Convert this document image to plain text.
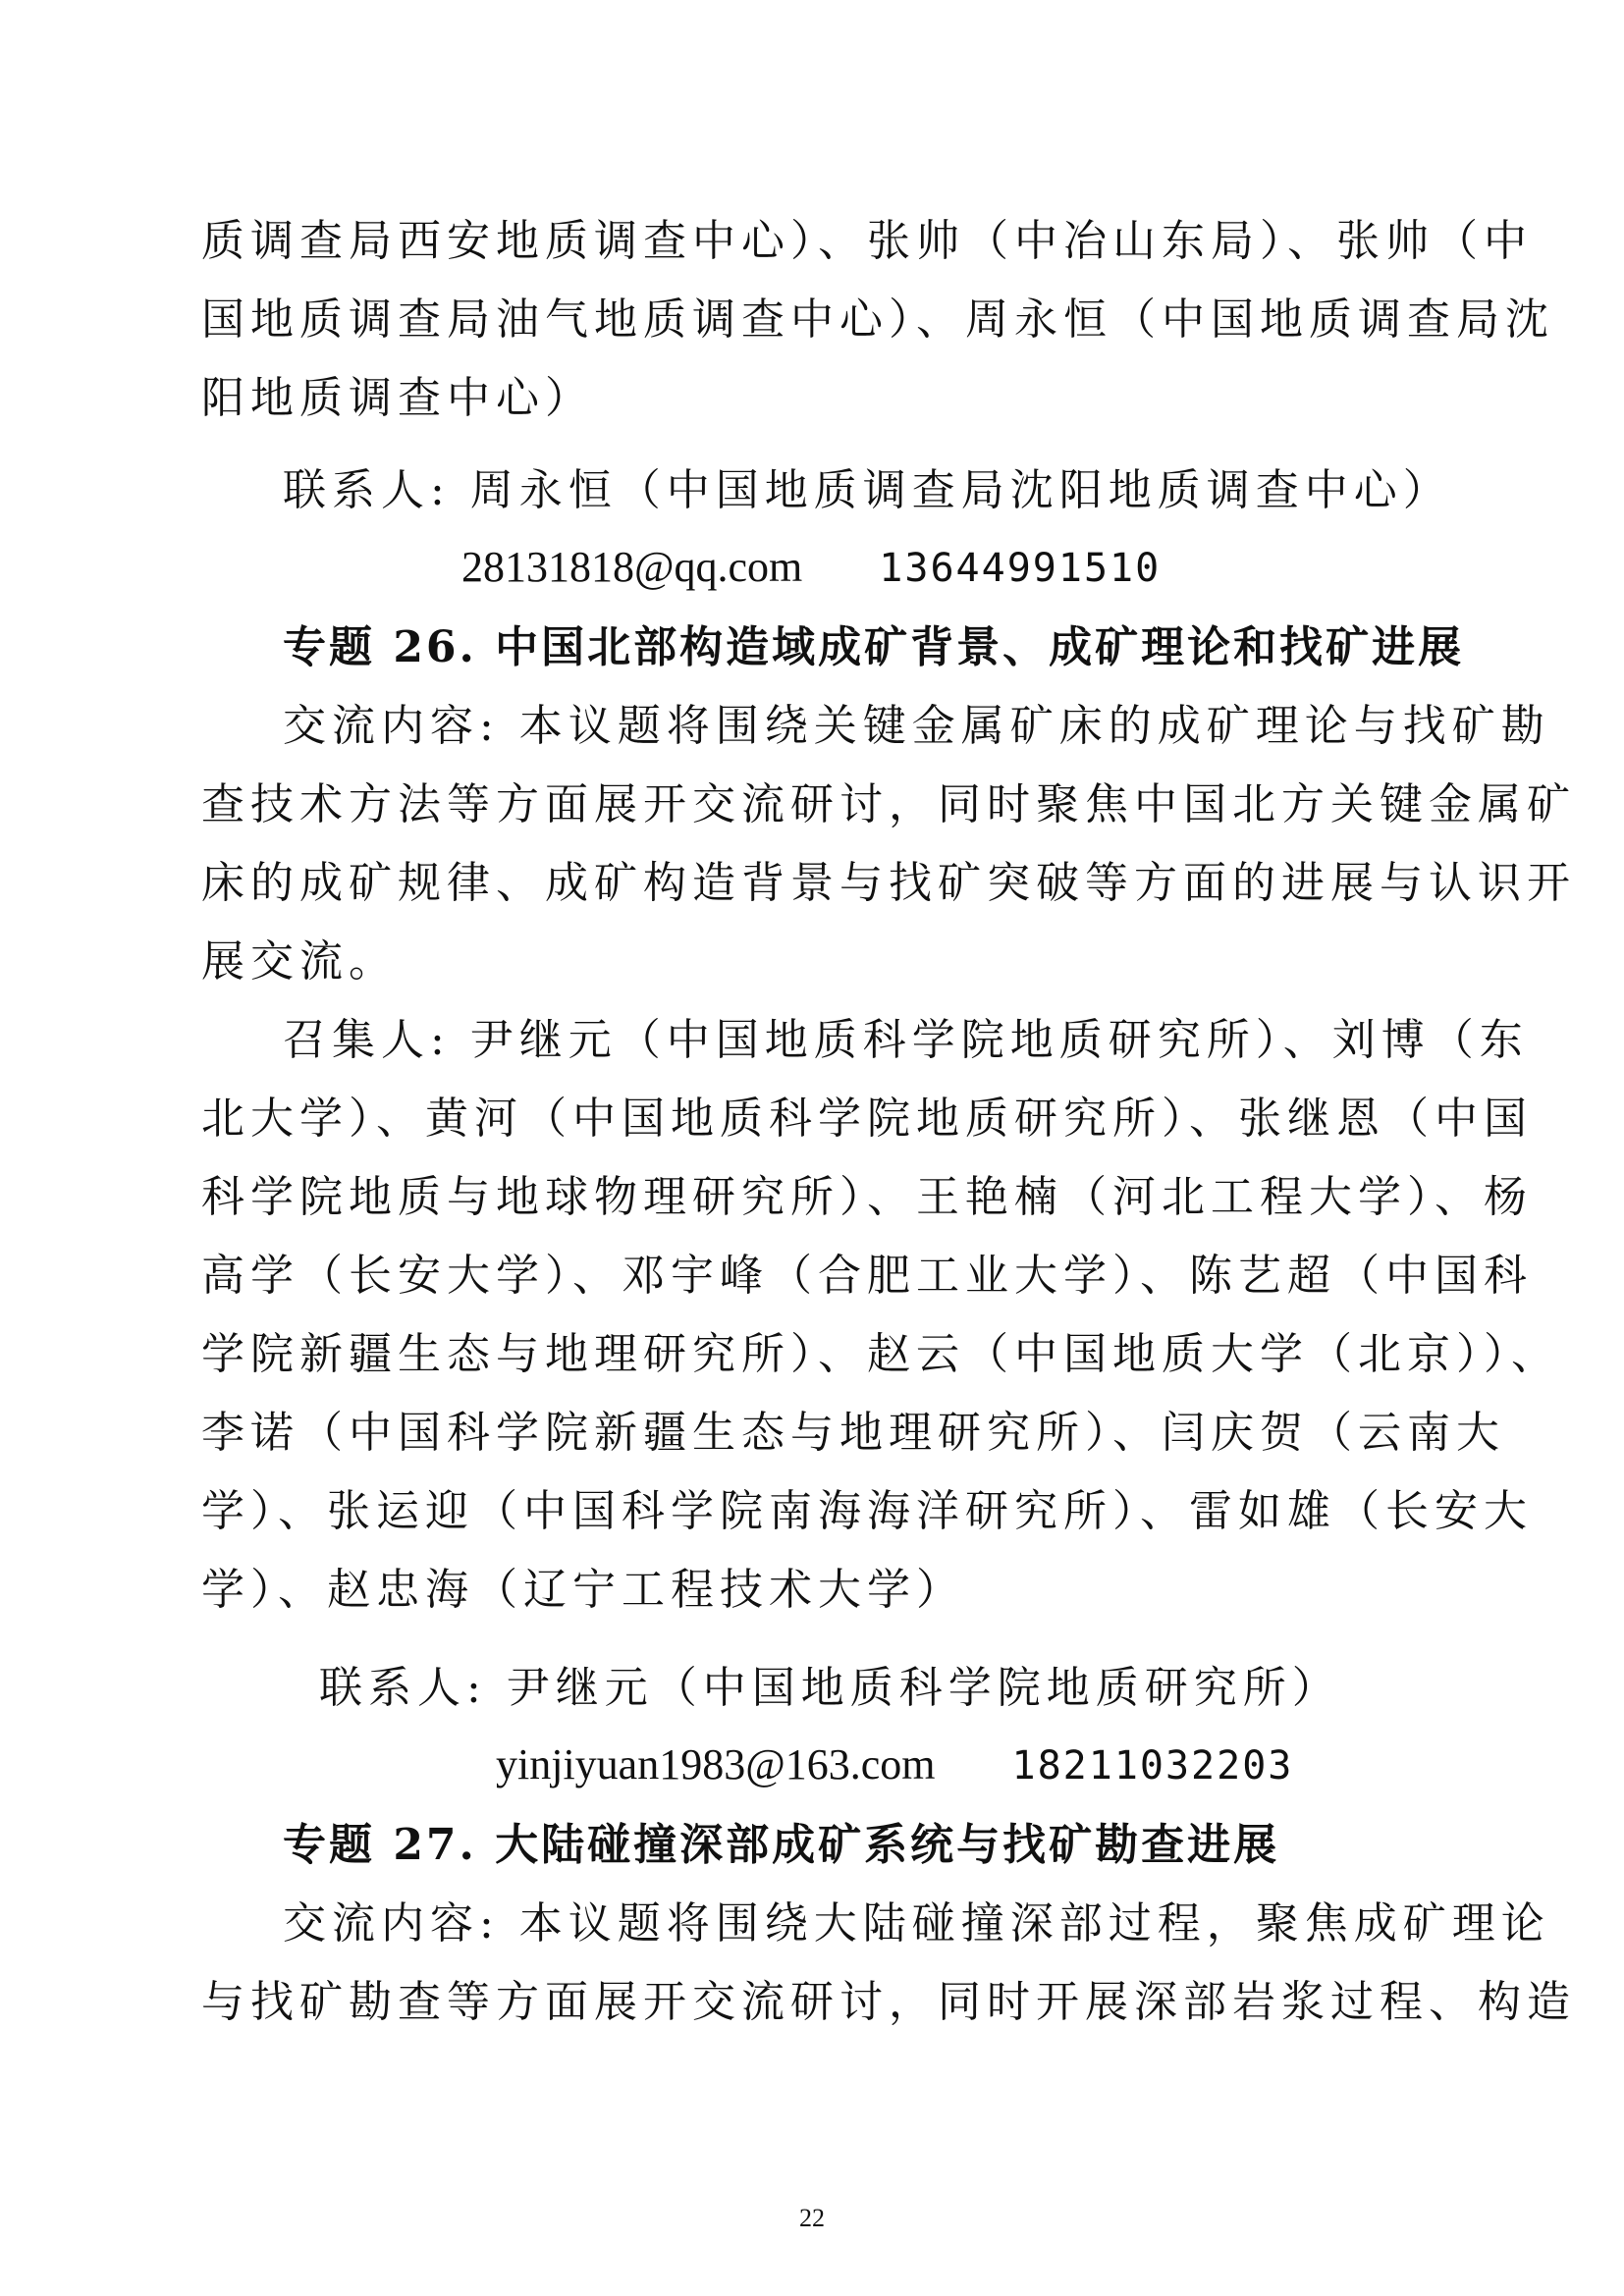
质调查局西安地质调查中心）、张帅（中冶山东局）、张帅（中
国地质调查局油气地质调查中心）、周永恒（中国地质调查局沈
阳地质调查中心）

联系人: 周永恒（中国地质调查局沈阳地质调查中心）

28131818@qq.com 13644991510

专题 26. 中国北部构造域成矿背景、成矿理论和找矿进展

交流内容: 本议题将围绕关键金属矿床的成矿理论与找矿勘
查技术方法等方面展开交流研讨，同时聚焦中国北方关键金属矿
床的成矿规律、成矿构造背景与找矿突破等方面的进展与认识开
展交流。
召集人: 尹继元（中国地质科学院地质研究所）、刘博（东
北大学）、黄河（中国地质科学院地质研究所）、张继恩（中国
科学院地质与地球物理研究所）、王艳楠（河北工程大学）、杨
高学（长安大学）、邓宇峰（合肥工业大学）、陈艺超（中国科
学院新疆生态与地理研究所）、赵云（中国地质大学（北京））、
李诺（中国科学院新疆生态与地理研究所）、闫庆贺（云南大
学）、张运迎（中国科学院南海海洋研究所）、雷如雄（长安大
学）、赵忠海（辽宁工程技术大学）

联系人: 尹继元（中国地质科学院地质研究所）

yinjiyuan1983@163.com 18211032203

专题 27. 大陆碰撞深部成矿系统与找矿勘查进展

交流内容: 本议题将围绕大陆碰撞深部过程，聚焦成矿理论
与找矿勘查等方面展开交流研讨，同时开展深部岩浆过程、构造
22
